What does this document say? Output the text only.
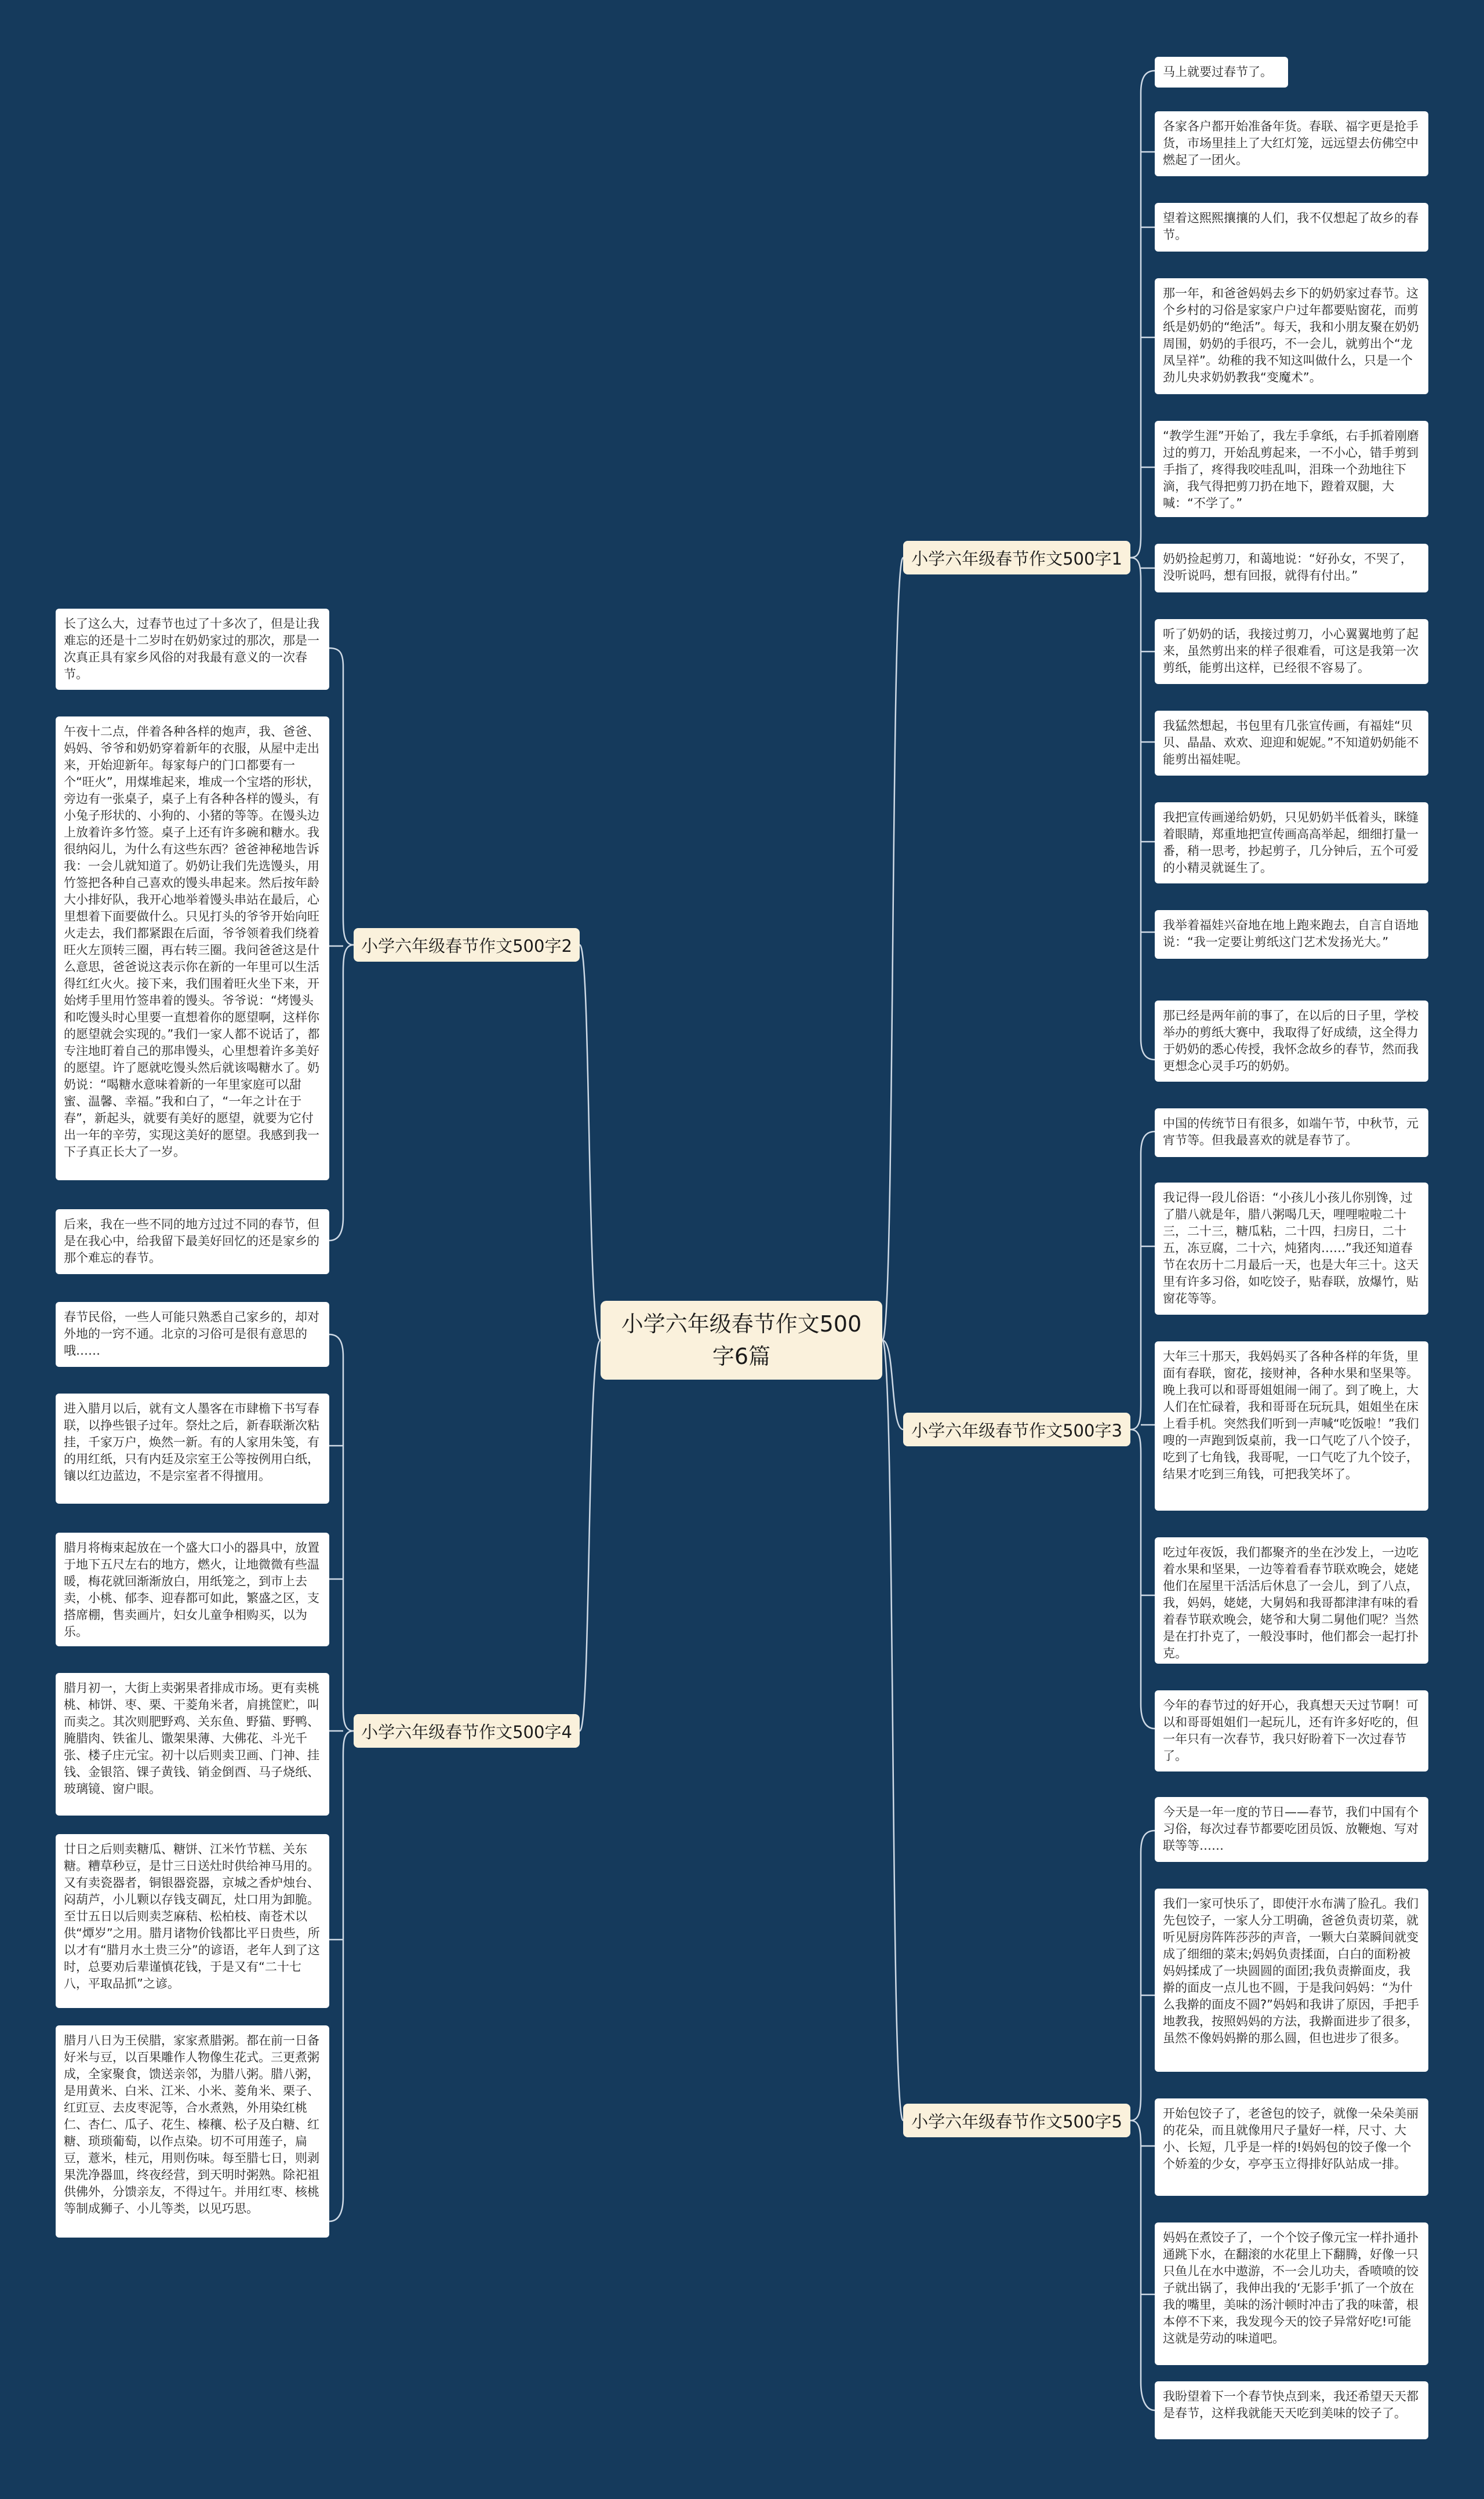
小学六年级春节作文500字6篇
小学六年级春节作文500字1
小学六年级春节作文500字2
小学六年级春节作文500字3
小学六年级春节作文500字4
小学六年级春节作文500字5
马上就要过春节了。
各家各户都开始准备年货。春联、福字更是抢手货，市场里挂上了大红灯笼，远远望去仿佛空中燃起了一团火。
望着这熙熙攘攘的人们，我不仅想起了故乡的春节。
那一年，和爸爸妈妈去乡下的奶奶家过春节。这个乡村的习俗是家家户户过年都要贴窗花，而剪纸是奶奶的“绝活”。每天，我和小朋友聚在奶奶周围，奶奶的手很巧，不一会儿，就剪出个“龙凤呈祥”。幼稚的我不知这叫做什么，只是一个劲儿央求奶奶教我“变魔术”。
“教学生涯”开始了，我左手拿纸，右手抓着刚磨过的剪刀，开始乱剪起来，一不小心，错手剪到手指了，疼得我咬哇乱叫，泪珠一个劲地往下滴，我气得把剪刀扔在地下，蹬着双腿，大喊：“不学了。”
奶奶捡起剪刀，和蔼地说：“好孙女，不哭了，没听说吗，想有回报，就得有付出。”
听了奶奶的话，我接过剪刀，小心翼翼地剪了起来，虽然剪出来的样子很难看，可这是我第一次剪纸，能剪出这样，已经很不容易了。
我猛然想起，书包里有几张宣传画，有福娃“贝贝、晶晶、欢欢、迎迎和妮妮。”不知道奶奶能不能剪出福娃呢。
我把宣传画递给奶奶，只见奶奶半低着头，眯缝着眼睛，郑重地把宣传画高高举起，细细打量一番，稍一思考，抄起剪子，几分钟后，五个可爱的小精灵就诞生了。
我举着福娃兴奋地在地上跑来跑去，自言自语地说：“我一定要让剪纸这门艺术发扬光大。”
那已经是两年前的事了，在以后的日子里，学校举办的剪纸大赛中，我取得了好成绩，这全得力于奶奶的悉心传授，我怀念故乡的春节，然而我更想念心灵手巧的奶奶。
长了这么大，过春节也过了十多次了，但是让我难忘的还是十二岁时在奶奶家过的那次，那是一次真正具有家乡风俗的对我最有意义的一次春节。
午夜十二点，伴着各种各样的炮声，我、爸爸、妈妈、爷爷和奶奶穿着新年的衣服，从屋中走出来，开始迎新年。每家每户的门口都要有一个“旺火”，用煤堆起来，堆成一个宝塔的形状，旁边有一张桌子，桌子上有各种各样的馒头，有小兔子形状的、小狗的、小猪的等等。在馒头边上放着许多竹签。桌子上还有许多碗和糖水。我很纳闷儿，为什么有这些东西？爸爸神秘地告诉我：一会儿就知道了。奶奶让我们先选馒头，用竹签把各种自己喜欢的馒头串起来。然后按年龄大小排好队，我开心地举着馒头串站在最后，心里想着下面要做什么。只见打头的爷爷开始向旺火走去，我们都紧跟在后面，爷爷领着我们绕着旺火左顶转三圈，再右转三圈。我问爸爸这是什么意思，爸爸说这表示你在新的一年里可以生活得红红火火。接下来，我们围着旺火坐下来，开始烤手里用竹签串着的馒头。爷爷说：“烤馒头和吃馒头时心里要一直想着你的愿望啊，这样你的愿望就会实现的。”我们一家人都不说话了，都专注地盯着自己的那串馒头，心里想着许多美好的愿望。许了愿就吃馒头然后就该喝糖水了。奶奶说：“喝糖水意味着新的一年里家庭可以甜蜜、温馨、幸福。”我和白了，“一年之计在于春”，新起头，就要有美好的愿望，就要为它付出一年的辛劳，实现这美好的愿望。我感到我一下子真正长大了一岁。
后来，我在一些不同的地方过过不同的春节，但是在我心中，给我留下最美好回忆的还是家乡的那个难忘的春节。
中国的传统节日有很多，如端午节，中秋节，元宵节等。但我最喜欢的就是春节了。
我记得一段儿俗语：“小孩儿小孩儿你别馋，过了腊八就是年，腊八粥喝几天，哩哩啦啦二十三，二十三，糖瓜粘，二十四，扫房日，二十五，冻豆腐，二十六，炖猪肉……”我还知道春节在农历十二月最后一天，也是大年三十。这天里有许多习俗，如吃饺子，贴春联，放爆竹，贴窗花等等。
大年三十那天，我妈妈买了各种各样的年货，里面有春联，窗花，接财神，各种水果和坚果等。晚上我可以和哥哥姐姐闹一闹了。到了晚上，大人们在忙碌着，我和哥哥在玩玩具，姐姐坐在床上看手机。突然我们听到一声喊“吃饭啦！”我们嗖的一声跑到饭桌前，我一口气吃了八个饺子，吃到了七角钱，我哥呢，一口气吃了九个饺子，结果才吃到三角钱，可把我笑坏了。
吃过年夜饭，我们都聚齐的坐在沙发上，一边吃着水果和坚果，一边等着看春节联欢晚会，姥姥他们在屋里干活活后休息了一会儿，到了八点，我，妈妈，姥姥，大舅妈和我哥都津津有味的看着春节联欢晚会，姥爷和大舅二舅他们呢？当然是在打扑克了，一般没事时，他们都会一起打扑克。
今年的春节过的好开心，我真想天天过节啊！可以和哥哥姐姐们一起玩儿，还有许多好吃的，但一年只有一次春节，我只好盼着下一次过春节了。
春节民俗，一些人可能只熟悉自己家乡的，却对外地的一窍不通。北京的习俗可是很有意思的哦……
进入腊月以后，就有文人墨客在市肆檐下书写春联，以挣些银子过年。祭灶之后，新春联渐次粘挂，千家万户，焕然一新。有的人家用朱笺，有的用红纸，只有内廷及宗室王公等按例用白纸，镶以红边蓝边，不是宗室者不得擅用。
腊月将梅束起放在一个盛大口小的器具中，放置于地下五尺左右的地方，燃火，让地微微有些温暖，梅花就回渐渐放白，用纸笼之，到市上去卖，小桃、郁李、迎春都可如此，繁盛之区，支搭席棚，售卖画片，妇女儿童争相购买，以为乐。
腊月初一，大街上卖粥果者排成市场。更有卖桃桃、柿饼、枣、栗、干菱角米者，肩挑筐贮，叫而卖之。其次则肥野鸡、关东鱼、野猫、野鸭、腌腊肉、铁雀儿、馓架果薄、大佛花、斗光千张、楼子庄元宝。初十以后则卖卫画、门神、挂钱、金银箔、锞子黄钱、销金倒酉、马子烧纸、玻璃镜、窗户眼。
廿日之后则卖糖瓜、糖饼、江米竹节糕、关东糖。糟草秒豆，是廿三日送灶时供给神马用的。又有卖瓷器者，铜银器瓷器，京城之香炉烛台、闷葫芦，小儿颗以存钱支碉瓦，灶口用为卸脆。至廿五日以后则卖芝麻秸、松柏枝、南苍术以供“燂岁”之用。腊月诸物价钱都比平日贵些，所以才有“腊月水土贵三分”的谚语，老年人到了这时，总要劝后辈谨慎花钱，于是又有“二十七八，平取品抓”之谚。
腊月八日为王侯腊，家家煮腊粥。都在前一日备好米与豆，以百果雕作人物像生花式。三更煮粥成，全家聚食，馈送亲邻，为腊八粥。腊八粥，是用黄米、白米、江米、小米、菱角米、栗子、红豇豆、去皮枣泥等，合水煮熟，外用染红桃仁、杏仁、瓜子、花生、榛穰、松子及白糖、红糖、琐琐葡萄，以作点染。切不可用莲子，扁豆，薏米，桂元，用则伤味。每至腊七日，则剥果洗净器皿，终夜经营，到天明时粥熟。除祀祖供佛外，分馈亲友，不得过午。并用红枣、核桃等制成狮子、小儿等类，以见巧思。
今天是一年一度的节日——春节，我们中国有个习俗，每次过春节都要吃团员饭、放鞭炮、写对联等等……
我们一家可快乐了，即使汗水布满了脸孔。我们先包饺子，一家人分工明确，爸爸负责切菜，就听见厨房阵阵莎莎的声音，一颗大白菜瞬间就变成了细细的菜末;妈妈负责揉面，白白的面粉被妈妈揉成了一块圆圆的面团;我负责擀面皮，我擀的面皮一点儿也不圆，于是我问妈妈：“为什么我擀的面皮不圆?”妈妈和我讲了原因，手把手地教我，按照妈妈的方法，我擀面进步了很多，虽然不像妈妈擀的那么圆，但也进步了很多。
开始包饺子了，老爸包的饺子，就像一朵朵美丽的花朵，而且就像用尺子量好一样，尺寸、大小、长短，几乎是一样的!妈妈包的饺子像一个个娇羞的少女，亭亭玉立得排好队站成一排。
妈妈在煮饺子了，一个个饺子像元宝一样扑通扑通跳下水，在翻滚的水花里上下翻腾，好像一只只鱼儿在水中遨游，不一会儿功夫，香喷喷的饺子就出锅了，我伸出我的‘无影手’抓了一个放在我的嘴里，美味的汤汁顿时冲击了我的味蕾，根本停不下来，我发现今天的饺子异常好吃!可能这就是劳动的味道吧。
我盼望着下一个春节快点到来，我还希望天天都是春节，这样我就能天天吃到美味的饺子了。
